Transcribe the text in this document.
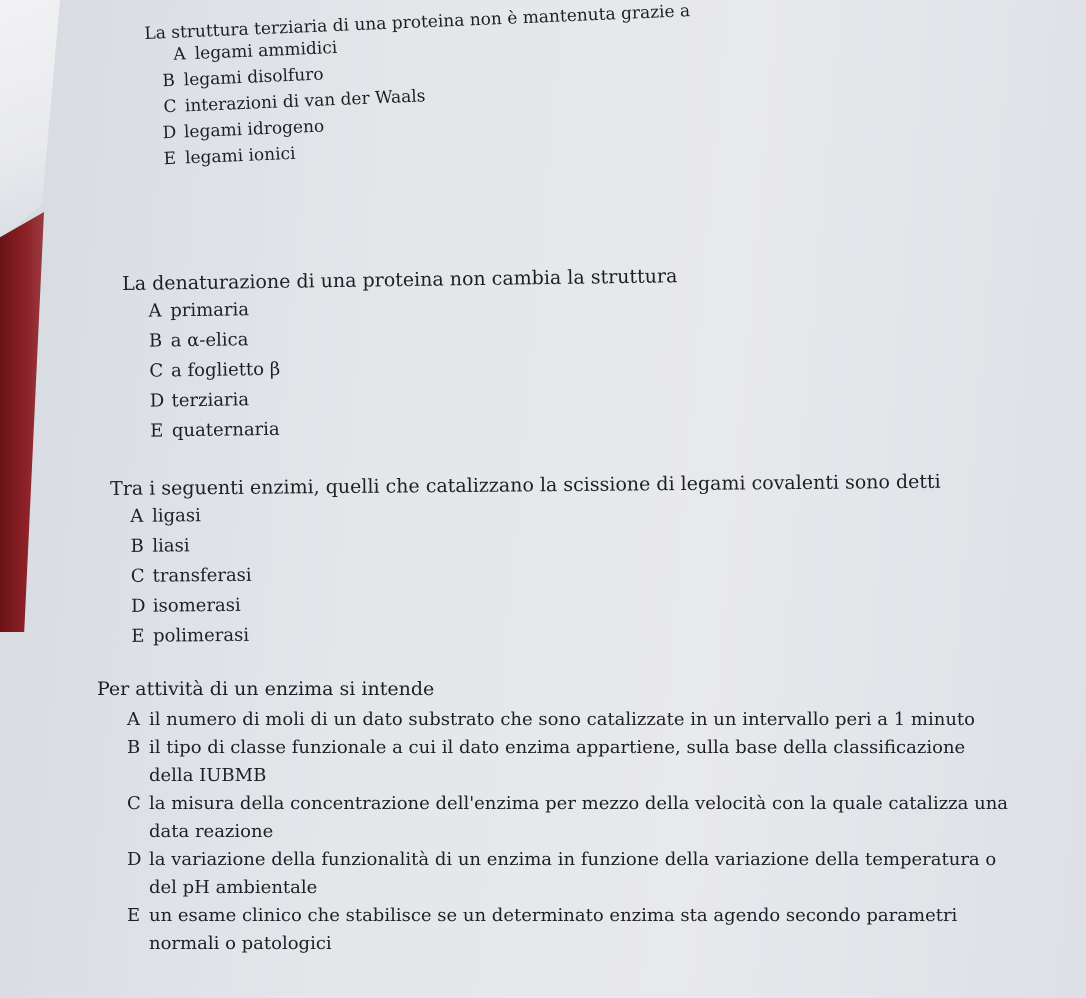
La struttura terziaria di una proteina non è mantenuta grazie a
A legami ammidici
B legami disolfuro
C interazioni di van der Waals
D legami idrogeno
E legami ionici
La denaturazione di una proteina non cambia la struttura
A primaria
B a α-elica
C a foglietto β
D terziaria
E quaternaria
Tra i seguenti enzimi, quelli che catalizzano la scissione di legami covalenti sono detti
A ligasi
B liasi
C transferasi
D isomerasi
E polimerasi
Per attività di un enzima si intende
A il numero di moli di un dato substrato che sono catalizzate in un intervallo peri a 1 minuto
B il tipo di classe funzionale a cui il dato enzima appartiene, sulla base della classificazione
della IUBMB
C la misura della concentrazione dell'enzima per mezzo della velocità con la quale catalizza una
data reazione
D la variazione della funzionalità di un enzima in funzione della variazione della temperatura o
del pH ambientale
E un esame clinico che stabilisce se un determinato enzima sta agendo secondo parametri
normali o patologici
